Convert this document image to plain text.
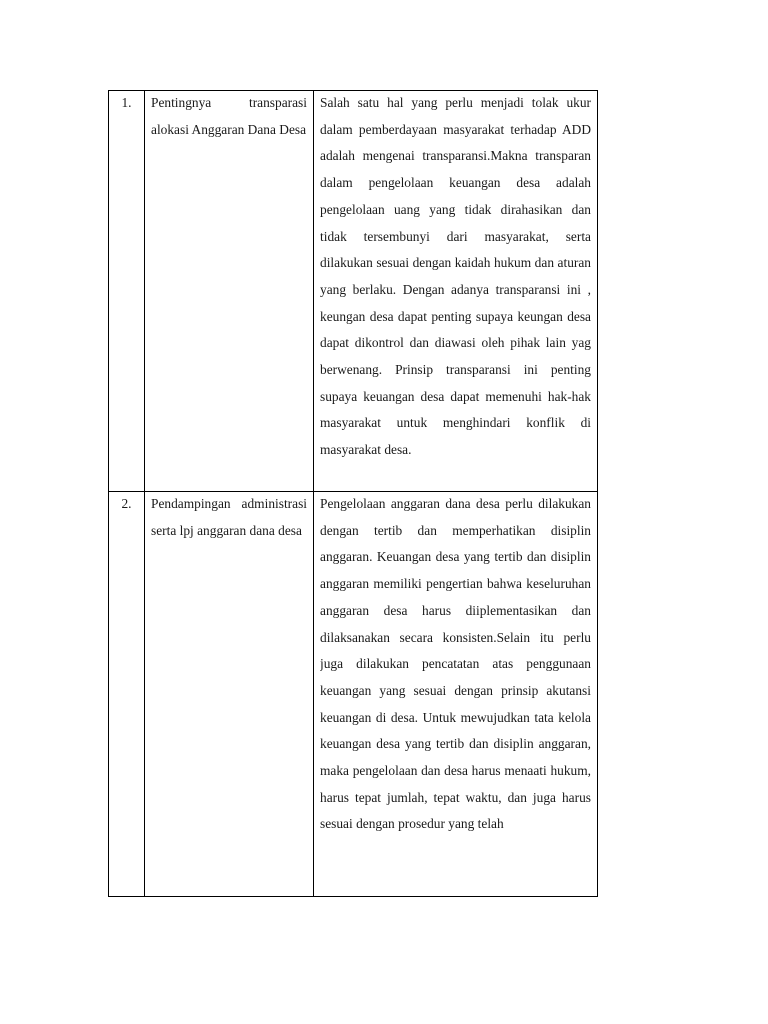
1.	Pentingnya transparasi alokasi Anggaran Dana Desa	Salah satu hal yang perlu menjadi tolak ukur dalam pemberdayaan masyarakat terhadap ADD adalah mengenai transparansi.Makna transparan dalam pengelolaan keuangan desa adalah pengelolaan uang yang tidak dirahasikan dan tidak tersembunyi dari masyarakat, serta dilakukan sesuai dengan kaidah hukum dan aturan yang berlaku. Dengan adanya transparansi ini , keungan desa dapat penting supaya keungan desa dapat dikontrol dan diawasi oleh pihak lain yag berwenang. Prinsip transparansi ini penting supaya keuangan desa dapat memenuhi hak-hak masyarakat untuk menghindari konflik di masyarakat desa.

2.	Pendampingan administrasi serta lpj anggaran dana desa	Pengelolaan anggaran dana desa perlu dilakukan dengan tertib dan memperhatikan disiplin anggaran. Keuangan desa yang tertib dan disiplin anggaran memiliki pengertian bahwa keseluruhan anggaran desa harus diiplementasikan dan dilaksanakan secara konsisten.Selain itu perlu juga dilakukan pencatatan atas penggunaan keuangan yang sesuai dengan prinsip akutansi keuangan di desa. Untuk mewujudkan tata kelola keuangan desa yang tertib dan disiplin anggaran, maka pengelolaan dan desa harus menaati hukum, harus tepat jumlah, tepat waktu, dan juga harus sesuai dengan prosedur yang telah
